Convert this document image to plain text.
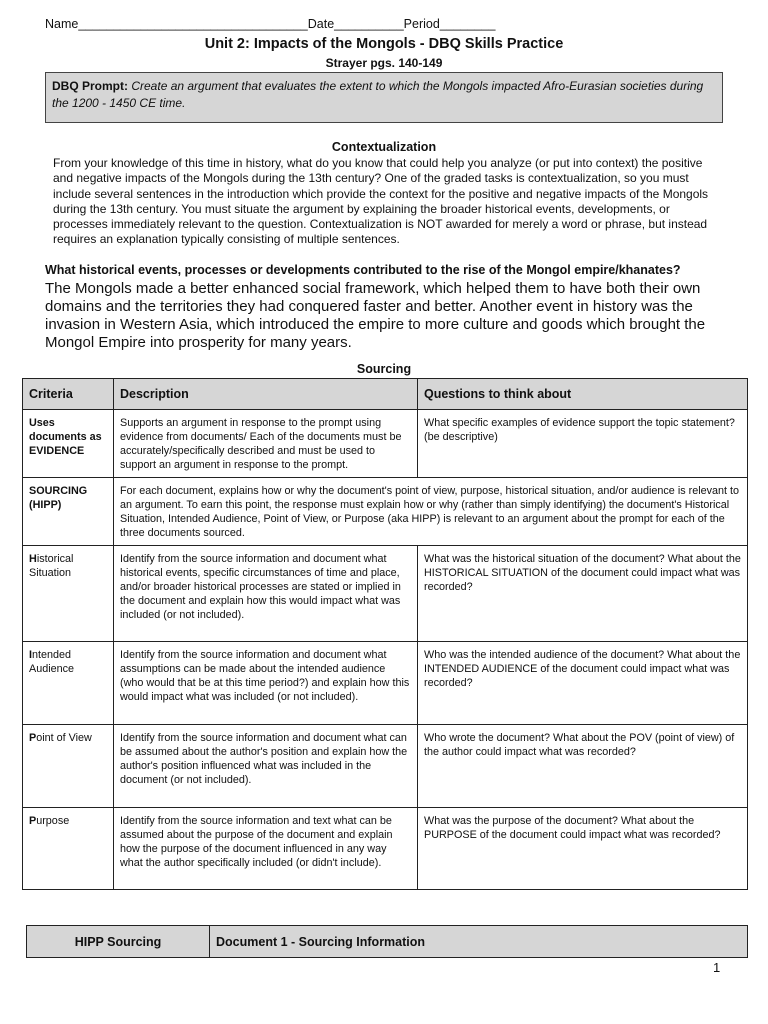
Name_________________________________Date__________Period________
Unit 2: Impacts of the Mongols - DBQ Skills Practice
Strayer pgs. 140-149
DBQ Prompt: Create an argument that evaluates the extent to which the Mongols impacted Afro-Eurasian societies during the 1200 - 1450 CE time.
Contextualization
From your knowledge of this time in history, what do you know that could help you analyze (or put into context) the positive and negative impacts of the Mongols during the 13th century? One of the graded tasks is contextualization, so you must include several sentences in the introduction which provide the context for the positive and negative impacts of the Mongols during the 13th century. You must situate the argument by explaining the broader historical events, developments, or processes immediately relevant to the question. Contextualization is NOT awarded for merely a word or phrase, but instead requires an explanation typically consisting of multiple sentences.
What historical events, processes or developments contributed to the rise of the Mongol empire/khanates?
The Mongols made a better enhanced social framework, which helped them to have both their own domains and the territories they had conquered faster and better. Another event in history was the invasion in Western Asia, which introduced the empire to more culture and goods which brought the Mongol Empire into prosperity for many years.
Sourcing
Criteria	Description	Questions to think about
Uses documents as EVIDENCE	Supports an argument in response to the prompt using evidence from documents/ Each of the documents must be accurately/specifically described and must be used to support an argument in response to the prompt.	What specific examples of evidence support the topic statement? (be descriptive)
SOURCING (HIPP)	For each document, explains how or why the document's point of view, purpose, historical situation, and/or audience is relevant to an argument. To earn this point, the response must explain how or why (rather than simply identifying) the document's Historical Situation, Intended Audience, Point of View, or Purpose (aka HIPP) is relevant to an argument about the prompt for each of the three documents sourced.	
Historical Situation	Identify from the source information and document what historical events, specific circumstances of time and place, and/or broader historical processes are stated or implied in the document and explain how this would impact what was included (or not included).	What was the historical situation of the document? What about the HISTORICAL SITUATION of the document could impact what was recorded?
Intended Audience	Identify from the source information and document what assumptions can be made about the intended audience (who would that be at this time period?) and explain how this would impact what was included (or not included).	Who was the intended audience of the document? What about the INTENDED AUDIENCE of the document could impact what was recorded?
Point of View	Identify from the source information and document what can be assumed about the author's position and explain how the author's position influenced what was included in the document (or not included).	Who wrote the document? What about the POV (point of view) of the author could impact what was recorded?
Purpose	Identify from the source information and text what can be assumed about the purpose of the document and explain how the purpose of the document influenced in any way what the author specifically included (or didn't include).	What was the purpose of the document? What about the PURPOSE of the document could impact what was recorded?
HIPP Sourcing	Document 1 - Sourcing Information
1
